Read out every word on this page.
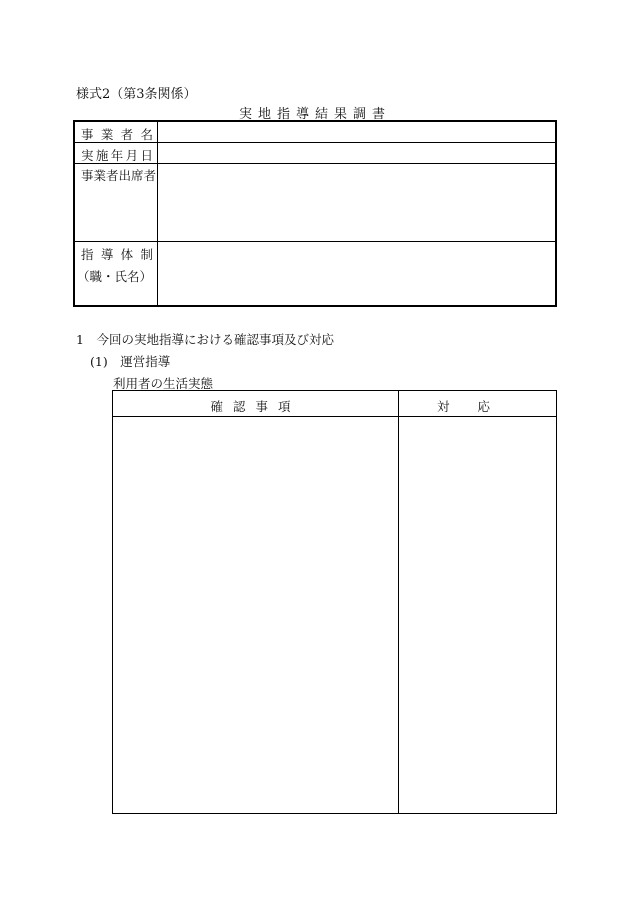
様式2（第3条関係）
実地指導結果調書
事 業 者 名
実 施 年 月 日
事業者出席者
指 導 体 制
（職・氏名）
1　今回の実地指導における確認事項及び対応
(1)　運営指導
利用者の生活実態
確認事項	対応
